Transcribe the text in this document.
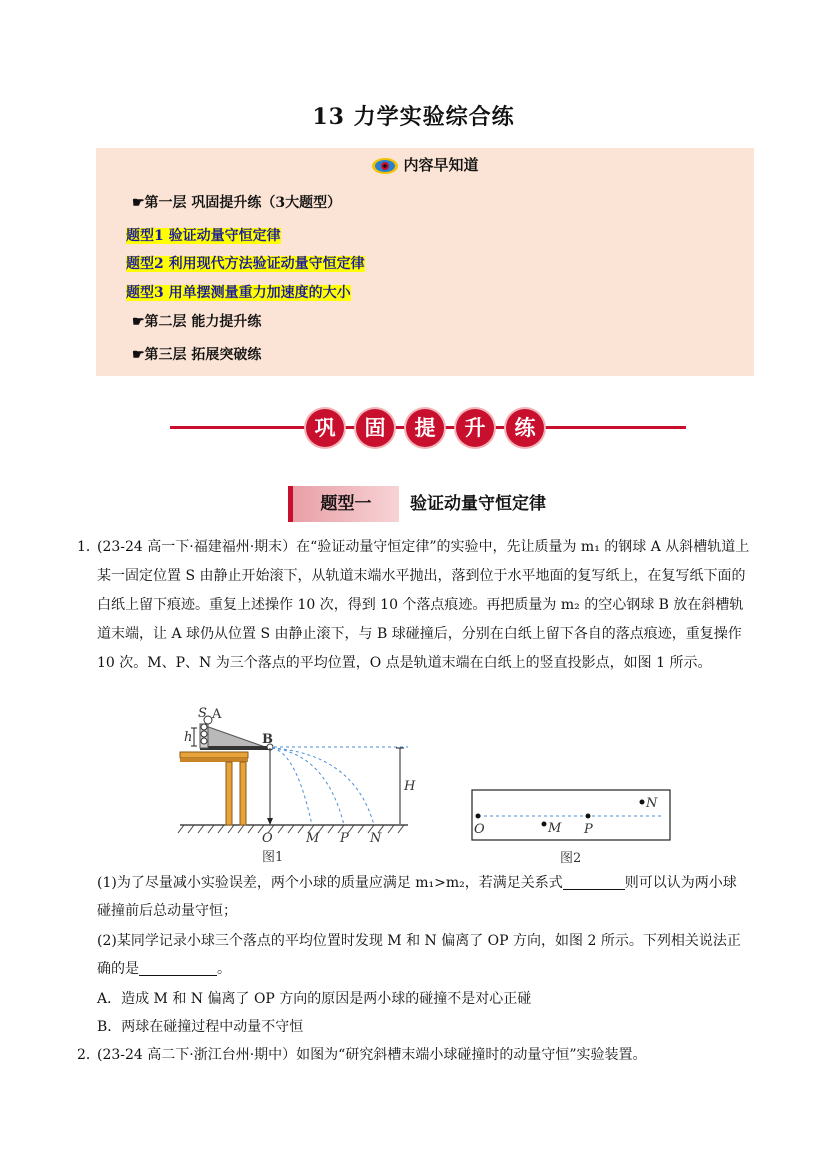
13 力学实验综合练
内容早知道
☛第一层 巩固提升练（3大题型）
题型1 验证动量守恒定律
题型2 利用现代方法验证动量守恒定律
题型3 用单摆测量重力加速度的大小
☛第二层 能力提升练
☛第三层 拓展突破练
巩	固	提	升	练
题型一	验证动量守恒定律
1．
(23-24 高一下·福建福州·期末）在“验证动量守恒定律”的实验中，先让质量为 m₁ 的钢球 A 从斜槽轨道上某一固定位置 S 由静止开始滚下，从轨道末端水平抛出，落到位于水平地面的复写纸上，在复写纸下面的白纸上留下痕迹。重复上述操作 10 次，得到 10 个落点痕迹。再把质量为 m₂ 的空心钢球 B 放在斜槽轨道末端，让 A 球仍从位置 S 由静止滚下，与 B 球碰撞后，分别在白纸上留下各自的落点痕迹，重复操作 10 次。M、P、N 为三个落点的平均位置，O 点是轨道末端在白纸上的竖直投影点，如图 1 所示。
S A
h	B
H
O	M P N
图1
O	M P
N
图2
(1)为了尽量减小实验误差，两个小球的质量应满足 m₁>m₂，若满足关系式	则可以认为两小球
碰撞前后总动量守恒；
(2)某同学记录小球三个落点的平均位置时发现 M 和 N 偏离了 OP 方向，如图 2 所示。下列相关说法正
确的是	。
A．造成 M 和 N 偏离了 OP 方向的原因是两小球的碰撞不是对心正碰
B．两球在碰撞过程中动量不守恒
2．
(23-24 高二下·浙江台州·期中）如图为“研究斜槽末端小球碰撞时的动量守恒”实验装置。
